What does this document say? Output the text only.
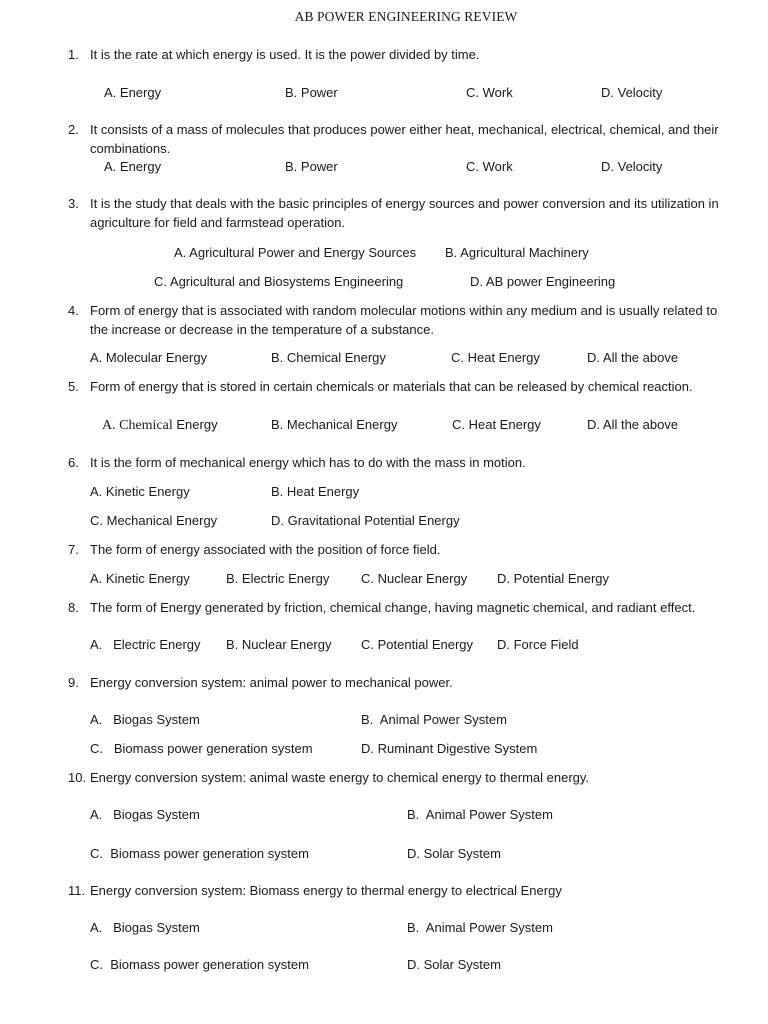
AB POWER ENGINEERING REVIEW
1. It is the rate at which energy is used. It is the power divided by time.
A. Energy	B. Power	C. Work	D. Velocity
2. It consists of a mass of molecules that produces power either heat, mechanical, electrical, chemical, and their combinations.
A. Energy	B. Power	C. Work	D. Velocity
3. It is the study that deals with the basic principles of energy sources and power conversion and its utilization in agriculture for field and farmstead operation.
A. Agricultural Power and Energy Sources B. Agricultural Machinery
C. Agricultural and Biosystems Engineering	D. AB power Engineering
4. Form of energy that is associated with random molecular motions within any medium and is usually related to the increase or decrease in the temperature of a substance.
A. Molecular Energy	B. Chemical Energy	C. Heat Energy	D. All the above
5. Form of energy that is stored in certain chemicals or materials that can be released by chemical reaction.
A. Chemical Energy	B. Mechanical Energy	C. Heat Energy	D. All the above
6. It is the form of mechanical energy which has to do with the mass in motion.
A. Kinetic Energy	B. Heat Energy
C. Mechanical Energy	D. Gravitational Potential Energy
7. The form of energy associated with the position of force field.
A. Kinetic Energy	B. Electric Energy C. Nuclear Energy D. Potential Energy
8. The form of Energy generated by friction, chemical change, having magnetic chemical, and radiant effect.
A.   Electric Energy B. Nuclear Energy C. Potential Energy D. Force Field
9. Energy conversion system: animal power to mechanical power.
A.   Biogas System	B.  Animal Power System
C.   Biomass power generation system	D. Ruminant Digestive System
10. Energy conversion system: animal waste energy to chemical energy to thermal energy.
A.   Biogas System	B.  Animal Power System
C.  Biomass power generation system	D. Solar System
11. Energy conversion system: Biomass energy to thermal energy to electrical Energy
A.   Biogas System	B.  Animal Power System
C.  Biomass power generation system	D. Solar System
